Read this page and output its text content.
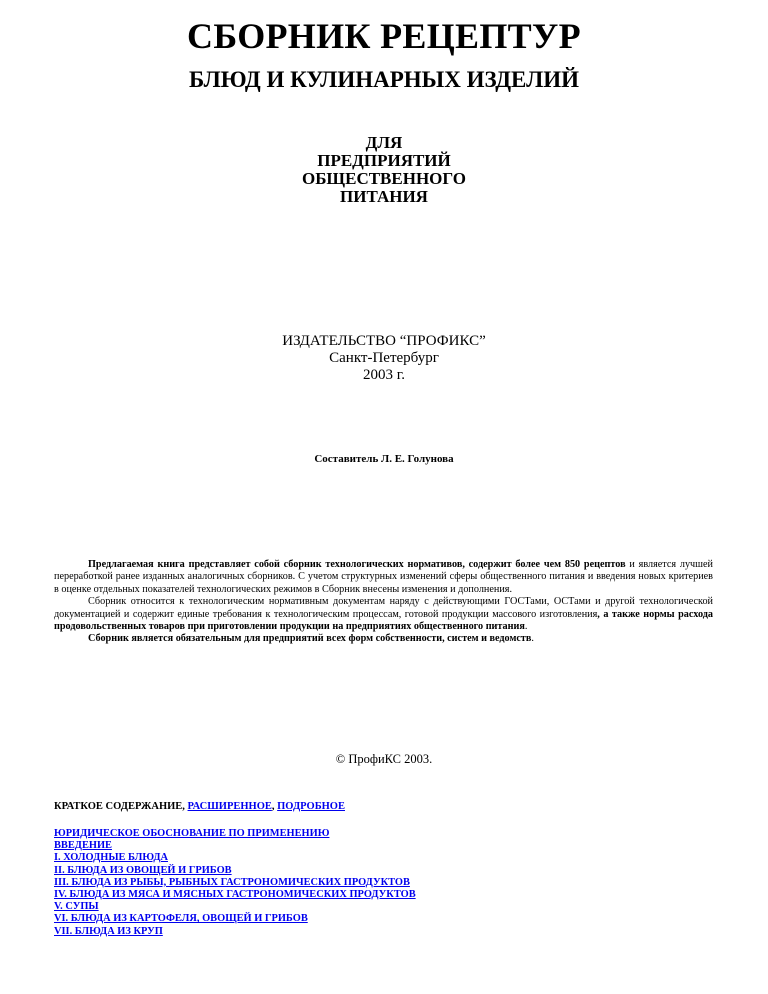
СБОРНИК РЕЦЕПТУР
БЛЮД И КУЛИНАРНЫХ ИЗДЕЛИЙ
ДЛЯ
ПРЕДПРИЯТИЙ
ОБЩЕСТВЕННОГО
ПИТАНИЯ
ИЗДАТЕЛЬСТВО “ПРОФИКС”
Санкт-Петербург
2003 г.
Составитель Л. Е. Голунова

Предлагаемая книга представляет собой сборник технологических нормативов, содержит более чем 850 рецептов и является лучшей переработкой ранее изданных аналогичных сборников. С учетом структурных изменений сферы общественного питания и введения новых критериев в оценке отдельных показателей технологических режимов в Сборник внесены изменения и дополнения.

Сборник относится к технологическим нормативным документам наряду с действующими ГОСТами, ОСТами и другой технологической документацией и содержит единые требования к технологическим процессам, готовой продукции массового изготовления, а также нормы расхода продовольственных товаров при приготовлении продукции на предприятиях общественного питания.

Сборник является обязательным для предприятий всех форм собственности, систем и ведомств.

© ПрофиКС 2003.
КРАТКОЕ СОДЕРЖАНИЕ, РАСШИРЕННОЕ, ПОДРОБНОЕ
ЮРИДИЧЕСКОЕ ОБОСНОВАНИЕ ПО ПРИМЕНЕНИЮ
ВВЕДЕНИЕ
I. ХОЛОДНЫЕ БЛЮДА
II. БЛЮДА ИЗ ОВОЩЕЙ И ГРИБОВ
III. БЛЮДА ИЗ РЫБЫ, РЫБНЫХ ГАСТРОНОМИЧЕСКИХ ПРОДУКТОВ
IV. БЛЮДА ИЗ МЯСА И МЯСНЫХ ГАСТРОНОМИЧЕСКИХ ПРОДУКТОВ
V. СУПЫ
VI. БЛЮДА ИЗ КАРТОФЕЛЯ, ОВОЩЕЙ И ГРИБОВ
VII. БЛЮДА ИЗ КРУП
